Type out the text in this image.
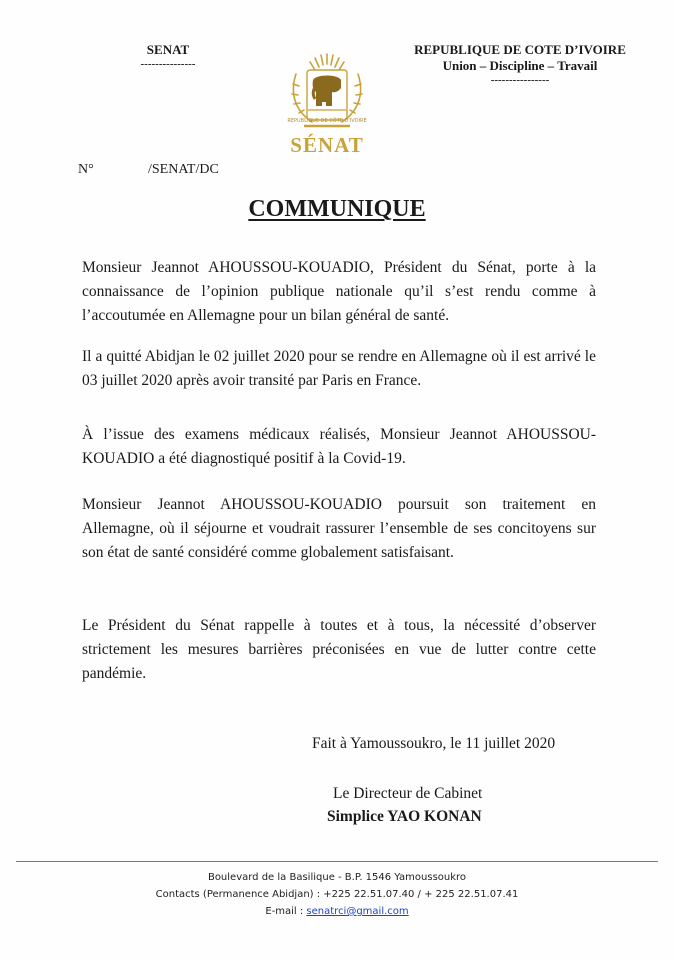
SENAT
---------------
REPUBLIQUE DE CÔTE D'IVOIRE
SÉNAT
REPUBLIQUE DE COTE D’IVOIRE
Union – Discipline – Travail
----------------
N°	/SENAT/DC
COMMUNIQUE
Monsieur Jeannot AHOUSSOU-KOUADIO, Président du Sénat, porte à la connaissance de l’opinion publique nationale qu’il s’est rendu comme à l’accoutumée en Allemagne pour un bilan général de santé.
Il a quitté Abidjan le 02 juillet 2020 pour se rendre en Allemagne où il est arrivé le 03 juillet 2020 après avoir transité par Paris en France.
À l’issue des examens médicaux réalisés, Monsieur Jeannot AHOUSSOU-KOUADIO a été diagnostiqué positif à la Covid-19.
Monsieur Jeannot AHOUSSOU-KOUADIO poursuit son traitement en Allemagne, où il séjourne et voudrait rassurer l’ensemble de ses concitoyens sur son état de santé considéré comme globalement satisfaisant.
Le Président du Sénat rappelle à toutes et à tous, la nécessité d’observer strictement les mesures barrières préconisées en vue de lutter contre cette pandémie.
Fait à Yamoussoukro, le 11 juillet 2020
Le Directeur de Cabinet
Simplice YAO KONAN
Boulevard de la Basilique - B.P. 1546 Yamoussoukro
Contacts (Permanence Abidjan) : +225 22.51.07.40 / + 225 22.51.07.41
E-mail : senatrci@gmail.com
